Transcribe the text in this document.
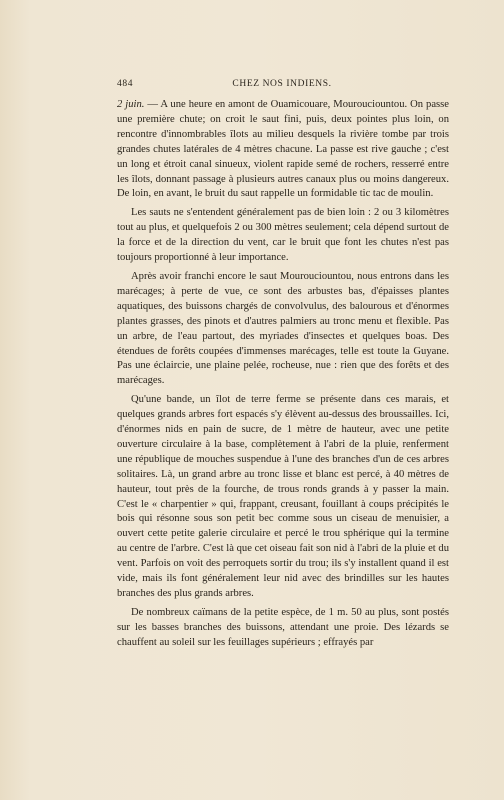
484	CHEZ NOS INDIENS.

2 juin. — A une heure en amont de Ouamicouare, Mourouciountou. On passe une première chute; on croit le saut fini, puis, deux pointes plus loin, on rencontre d'innombrables îlots au milieu desquels la rivière tombe par trois grandes chutes latérales de 4 mètres chacune. La passe est rive gauche ; c'est un long et étroit canal sinueux, violent rapide semé de rochers, resserré entre les îlots, donnant passage à plusieurs autres canaux plus ou moins dangereux. De loin, en avant, le bruit du saut rappelle un formidable tic tac de moulin.

Les sauts ne s'entendent généralement pas de bien loin : 2 ou 3 kilomètres tout au plus, et quelquefois 2 ou 300 mètres seulement; cela dépend surtout de la force et de la direction du vent, car le bruit que font les chutes n'est pas toujours proportionné à leur importance.

Après avoir franchi encore le saut Mourouciountou, nous entrons dans les marécages; à perte de vue, ce sont des arbustes bas, d'épaisses plantes aquatiques, des buissons chargés de convolvulus, des balourous et d'énormes plantes grasses, des pinots et d'autres palmiers au tronc menu et flexible. Pas un arbre, de l'eau partout, des myriades d'insectes et quelques boas. Des étendues de forêts coupées d'immenses marécages, telle est toute la Guyane. Pas une éclaircie, une plaine pelée, rocheuse, nue : rien que des forêts et des marécages.

Qu'une bande, un îlot de terre ferme se présente dans ces marais, et quelques grands arbres fort espacés s'y élèvent au-dessus des broussailles. Ici, d'énormes nids en pain de sucre, de 1 mètre de hauteur, avec une petite ouverture circulaire à la base, complètement à l'abri de la pluie, renferment une république de mouches suspendue à l'une des branches d'un de ces arbres solitaires. Là, un grand arbre au tronc lisse et blanc est percé, à 40 mètres de hauteur, tout près de la fourche, de trous ronds grands à y passer la main. C'est le « charpentier » qui, frappant, creusant, fouillant à coups précipités le bois qui résonne sous son petit bec comme sous un ciseau de menuisier, a ouvert cette petite galerie circulaire et percé le trou sphérique qui la termine au centre de l'arbre. C'est là que cet oiseau fait son nid à l'abri de la pluie et du vent. Parfois on voit des perroquets sortir du trou; ils s'y installent quand il est vide, mais ils font généralement leur nid avec des brindilles sur les hautes branches des plus grands arbres.

De nombreux caïmans de la petite espèce, de 1 m. 50 au plus, sont postés sur les basses branches des buissons, attendant une proie. Des lézards se chauffent au soleil sur les feuillages supérieurs ; effrayés par
